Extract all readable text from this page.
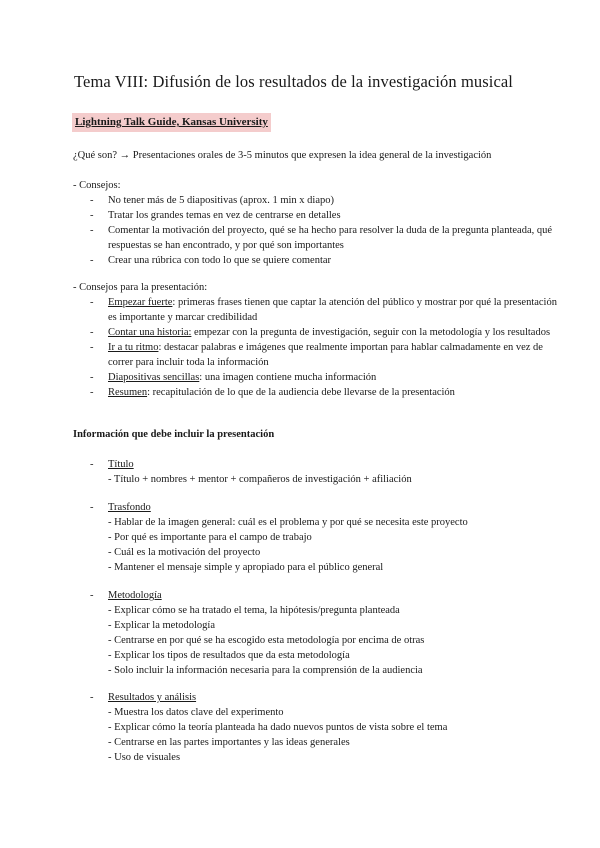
Tema VIII: Difusión de los resultados de la investigación musical
Lightning Talk Guide, Kansas University
¿Qué son? → Presentaciones orales de 3-5 minutos que expresen la idea general de la investigación
- Consejos:
- No tener más de 5 diapositivas (aprox. 1 min x diapo)
- Tratar los grandes temas en vez de centrarse en detalles
- Comentar la motivación del proyecto, qué se ha hecho para resolver la duda de la pregunta planteada, qué respuestas se han encontrado, y por qué son importantes
- Crear una rúbrica con todo lo que se quiere comentar
- Consejos para la presentación:
- Empezar fuerte: primeras frases tienen que captar la atención del público y mostrar por qué la presentación es importante y marcar credibilidad
- Contar una historia: empezar con la pregunta de investigación, seguir con la metodología y los resultados
- Ir a tu ritmo: destacar palabras e imágenes que realmente importan para hablar calmadamente en vez de correr para incluir toda la información
- Diapositivas sencillas: una imagen contiene mucha información
- Resumen: recapitulación de lo que de la audiencia debe llevarse de la presentación
Información que debe incluir la presentación
- Título
- Título + nombres + mentor + compañeros de investigación + afiliación
- Trasfondo
- Hablar de la imagen general: cuál es el problema y por qué se necesita este proyecto
- Por qué es importante para el campo de trabajo
- Cuál es la motivación del proyecto
- Mantener el mensaje simple y apropiado para el público general
- Metodología
- Explicar cómo se ha tratado el tema, la hipótesis/pregunta planteada
- Explicar la metodología
- Centrarse en por qué se ha escogido esta metodología por encima de otras
- Explicar los tipos de resultados que da esta metodología
- Solo incluir la información necesaria para la comprensión de la audiencia
- Resultados y análisis
- Muestra los datos clave del experimento
- Explicar cómo la teoría planteada ha dado nuevos puntos de vista sobre el tema
- Centrarse en las partes importantes y las ideas generales
- Uso de visuales
